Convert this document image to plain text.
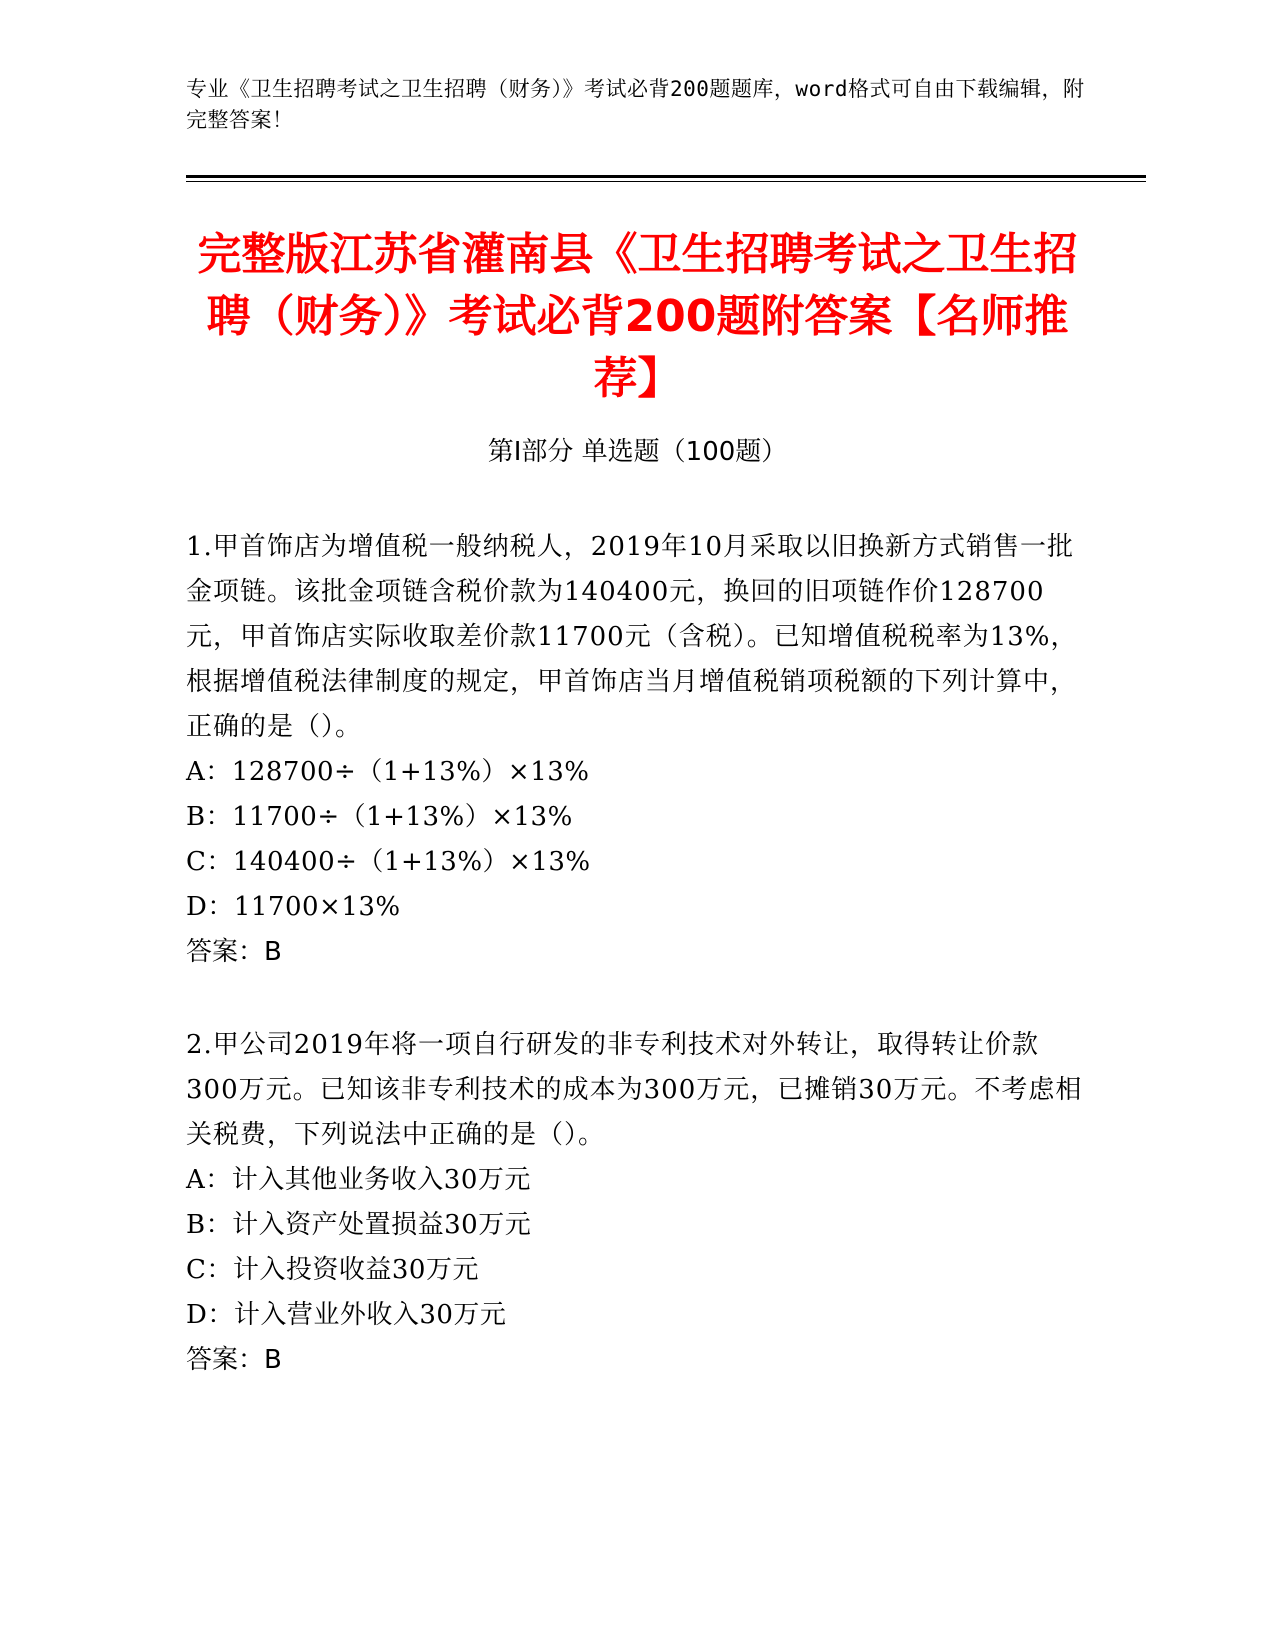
专业《卫生招聘考试之卫生招聘（财务）》考试必背200题题库，word格式可自由下载编辑，附完整答案！

完整版江苏省灌南县《卫生招聘考试之卫生招聘（财务）》考试必背200题附答案【名师推荐】
第Ⅰ部分 单选题（100题）

1.甲首饰店为增值税一般纳税人，2019年10月采取以旧换新方式销售一批金项链。该批金项链含税价款为140400元，换回的旧项链作价128700元，甲首饰店实际收取差价款11700元（含税）。已知增值税税率为13%，根据增值税法律制度的规定，甲首饰店当月增值税销项税额的下列计算中，正确的是（）。

A：128700÷（1+13%）×13%

B：11700÷（1+13%）×13%

C：140400÷（1+13%）×13%

D：11700×13%

答案：B

2.甲公司2019年将一项自行研发的非专利技术对外转让，取得转让价款300万元。已知该非专利技术的成本为300万元，已摊销30万元。不考虑相关税费，下列说法中正确的是（）。

A：计入其他业务收入30万元

B：计入资产处置损益30万元

C：计入投资收益30万元

D：计入营业外收入30万元

答案：B
